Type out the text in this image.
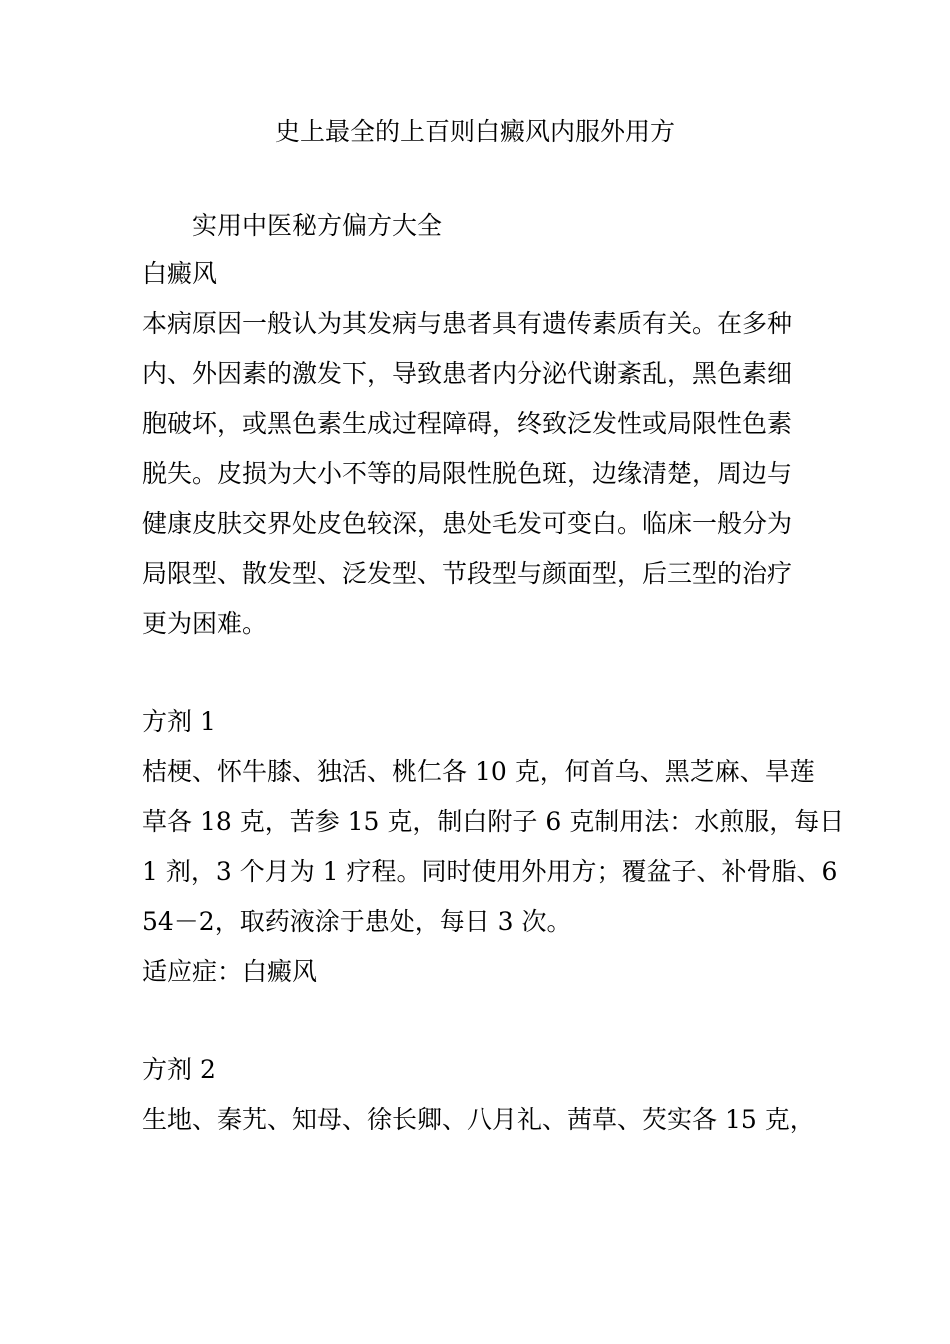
史上最全的上百则白癜风内服外用方
实用中医秘方偏方大全
白癜风
本病原因一般认为其发病与患者具有遗传素质有关。在多种
内、外因素的激发下，导致患者内分泌代谢紊乱，黑色素细
胞破坏，或黑色素生成过程障碍，终致泛发性或局限性色素
脱失。皮损为大小不等的局限性脱色斑，边缘清楚，周边与
健康皮肤交界处皮色较深，患处毛发可变白。临床一般分为
局限型、散发型、泛发型、节段型与颜面型，后三型的治疗
更为困难。
方剂 1
桔梗、怀牛膝、独活、桃仁各 10 克，何首乌、黑芝麻、旱莲
草各 18 克，苦参 15 克，制白附子 6 克制用法：水煎服，每日
1 剂，3 个月为 1 疗程。同时使用外用方；覆盆子、补骨脂、6
54－2，取药液涂于患处，每日 3 次。
适应症：白癜风
方剂 2
生地、秦艽、知母、徐长卿、八月礼、茜草、芡实各 15 克，
